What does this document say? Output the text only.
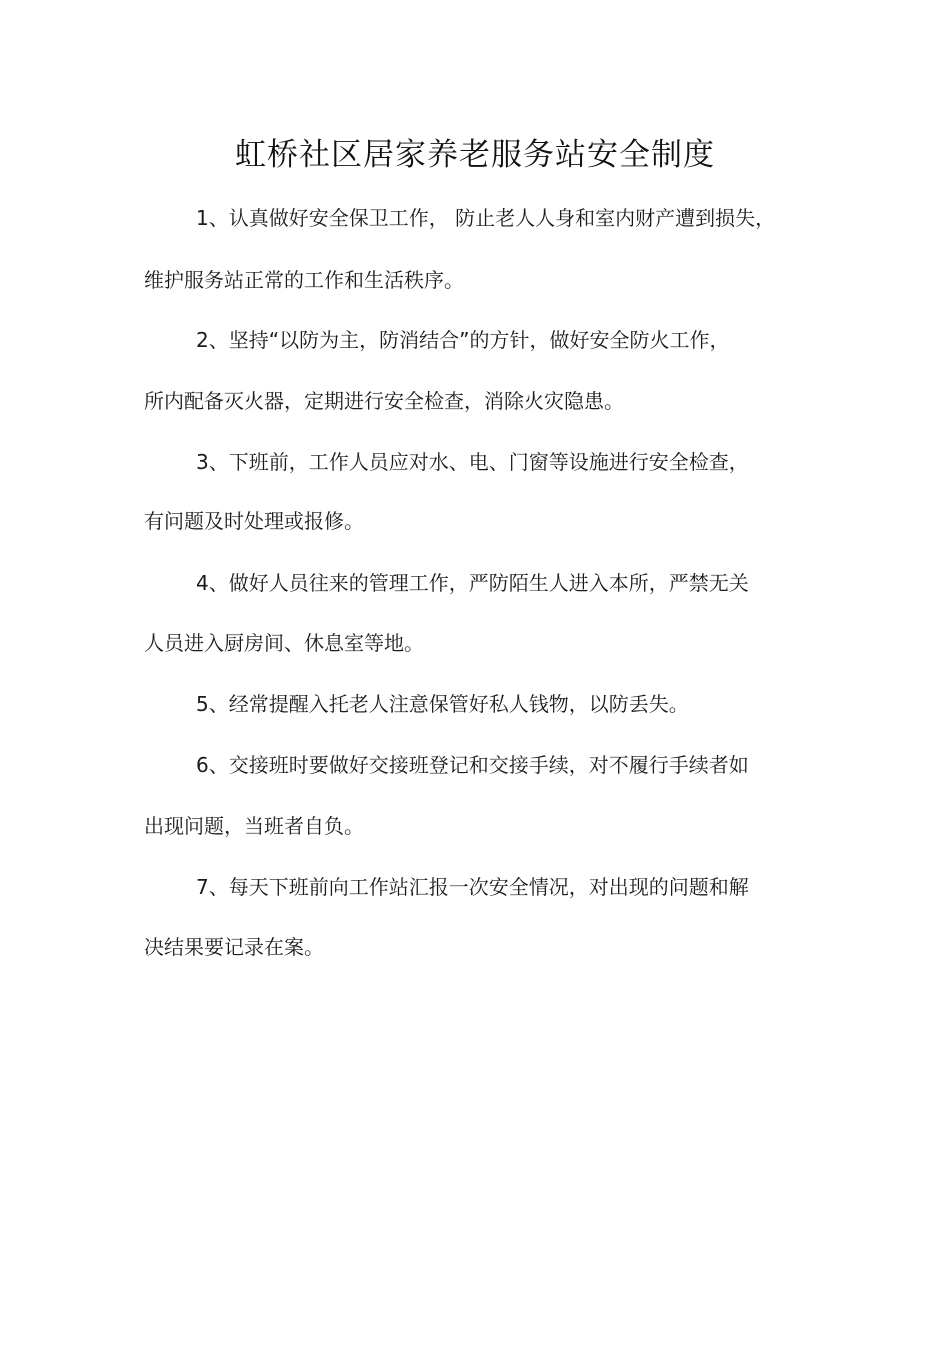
虹桥社区居家养老服务站安全制度
1、认真做好安全保卫工作， 防止老人人身和室内财产遭到损失，
维护服务站正常的工作和生活秩序。
2、坚持“以防为主，防消结合”的方针，做好安全防火工作，
所内配备灭火器，定期进行安全检查，消除火灾隐患。
3、下班前，工作人员应对水、电、门窗等设施进行安全检查，
有问题及时处理或报修。
4、做好人员往来的管理工作，严防陌生人进入本所，严禁无关
人员进入厨房间、休息室等地。
5、经常提醒入托老人注意保管好私人钱物，以防丢失。
6、交接班时要做好交接班登记和交接手续，对不履行手续者如
出现问题，当班者自负。
7、每天下班前向工作站汇报一次安全情况，对出现的问题和解
决结果要记录在案。
